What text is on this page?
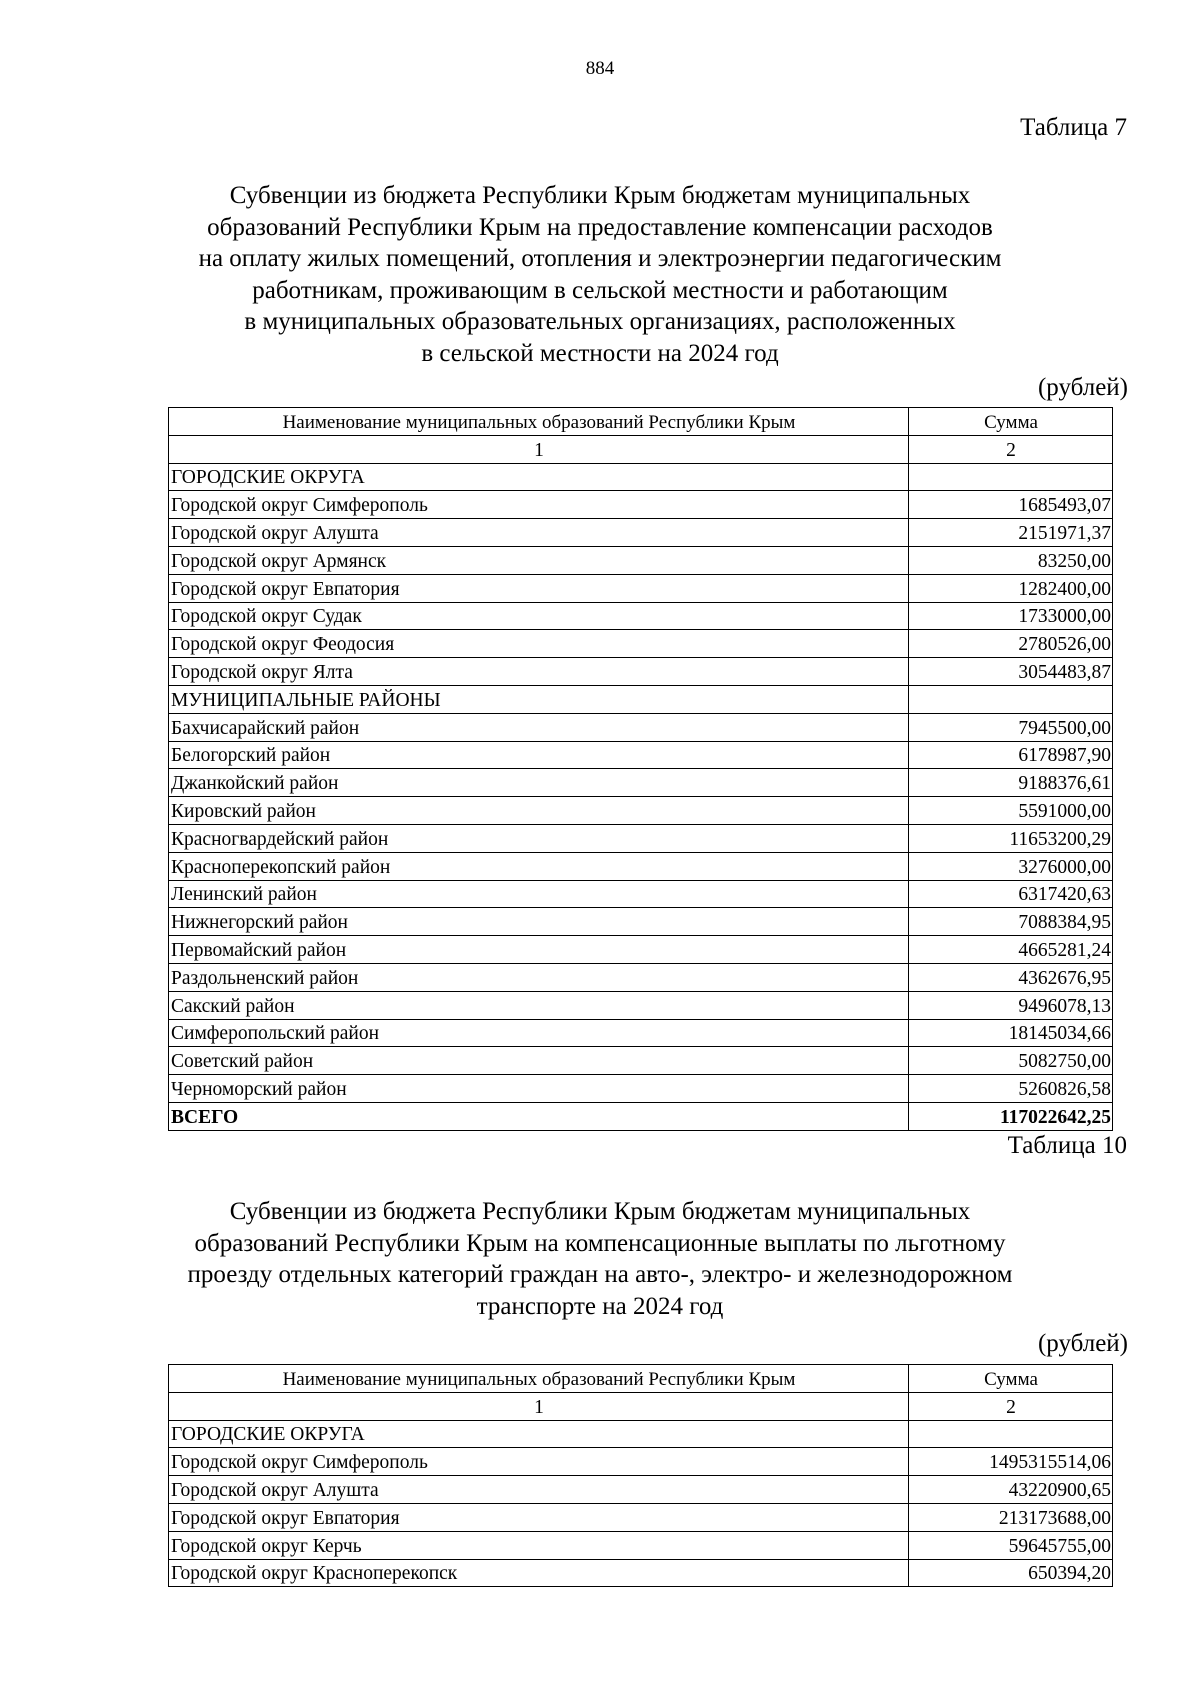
884
Таблица 7
Субвенции из бюджета Республики Крым бюджетам муниципальных
образований Республики Крым на предоставление компенсации расходов
на оплату жилых помещений, отопления и электроэнергии педагогическим
работникам, проживающим в сельской местности и работающим
в муниципальных образовательных организациях, расположенных
в сельской местности на 2024 год
(рублей)
Наименование муниципальных образований Республики Крым	Сумма
1	2
ГОРОДСКИЕ ОКРУГА	
Городской округ Симферополь	1685493,07
Городской округ Алушта	2151971,37
Городской округ Армянск	83250,00
Городской округ Евпатория	1282400,00
Городской округ Судак	1733000,00
Городской округ Феодосия	2780526,00
Городской округ Ялта	3054483,87
МУНИЦИПАЛЬНЫЕ РАЙОНЫ	
Бахчисарайский район	7945500,00
Белогорский район	6178987,90
Джанкойский район	9188376,61
Кировский район	5591000,00
Красногвардейский район	11653200,29
Красноперекопский район	3276000,00
Ленинский район	6317420,63
Нижнегорский район	7088384,95
Первомайский район	4665281,24
Раздольненский район	4362676,95
Сакский район	9496078,13
Симферопольский район	18145034,66
Советский район	5082750,00
Черноморский район	5260826,58
ВСЕГО	117022642,25
Таблица 10
Субвенции из бюджета Республики Крым бюджетам муниципальных
образований Республики Крым на компенсационные выплаты по льготному
проезду отдельных категорий граждан на авто-, электро- и железнодорожном
транспорте на 2024 год
(рублей)
Наименование муниципальных образований Республики Крым	Сумма
1	2
ГОРОДСКИЕ ОКРУГА	
Городской округ Симферополь	1495315514,06
Городской округ Алушта	43220900,65
Городской округ Евпатория	213173688,00
Городской округ Керчь	59645755,00
Городской округ Красноперекопск	650394,20
